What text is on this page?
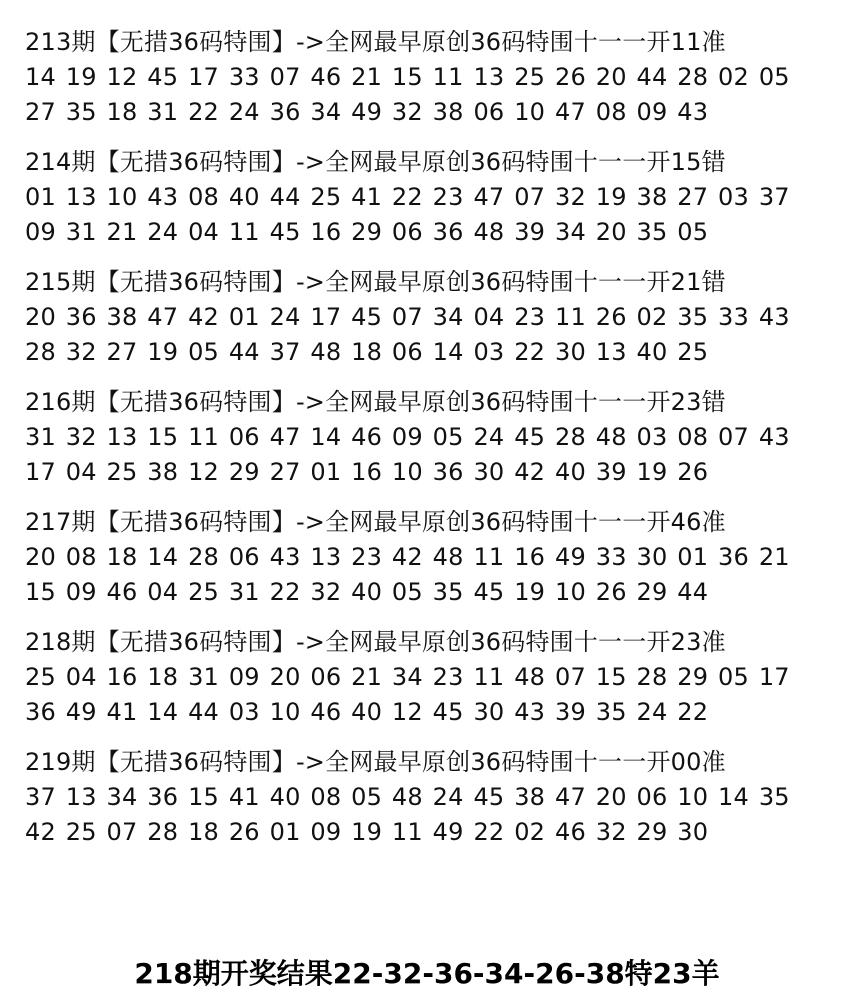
213期【无措36码特围】->全网最早原创36码特围十一一开11准
14 19 12 45 17 33 07 46 21 15 11 13 25 26 20 44 28 02 05
27 35 18 31 22 24 36 34 49 32 38 06 10 47 08 09 43
214期【无措36码特围】->全网最早原创36码特围十一一开15错
01 13 10 43 08 40 44 25 41 22 23 47 07 32 19 38 27 03 37
09 31 21 24 04 11 45 16 29 06 36 48 39 34 20 35 05
215期【无措36码特围】->全网最早原创36码特围十一一开21错
20 36 38 47 42 01 24 17 45 07 34 04 23 11 26 02 35 33 43
28 32 27 19 05 44 37 48 18 06 14 03 22 30 13 40 25
216期【无措36码特围】->全网最早原创36码特围十一一开23错
31 32 13 15 11 06 47 14 46 09 05 24 45 28 48 03 08 07 43
17 04 25 38 12 29 27 01 16 10 36 30 42 40 39 19 26
217期【无措36码特围】->全网最早原创36码特围十一一开46准
20 08 18 14 28 06 43 13 23 42 48 11 16 49 33 30 01 36 21
15 09 46 04 25 31 22 32 40 05 35 45 19 10 26 29 44
218期【无措36码特围】->全网最早原创36码特围十一一开23准
25 04 16 18 31 09 20 06 21 34 23 11 48 07 15 28 29 05 17
36 49 41 14 44 03 10 46 40 12 45 30 43 39 35 24 22
219期【无措36码特围】->全网最早原创36码特围十一一开00准
37 13 34 36 15 41 40 08 05 48 24 45 38 47 20 06 10 14 35
42 25 07 28 18 26 01 09 19 11 49 22 02 46 32 29 30
218期开奖结果22-32-36-34-26-38特23羊
